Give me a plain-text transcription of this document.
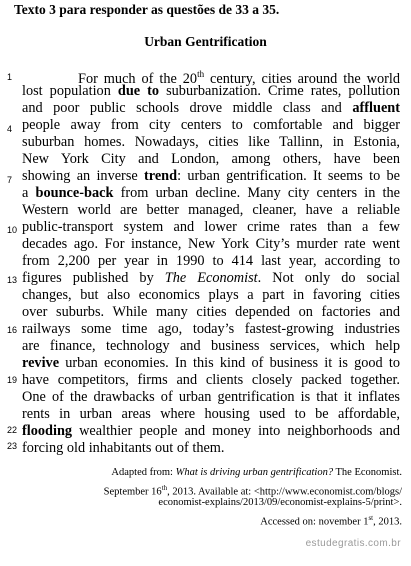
Texto 3 para responder as questões de 33 a 35.
Urban Gentrification
1
4
7
10
13
16
19
22
23
For much of the 20th century, cities around the world
lost population due to suburbanization. Crime rates, pollution
and poor public schools drove middle class and affluent
people away from city centers to comfortable and bigger
suburban homes. Nowadays, cities like Tallinn, in Estonia,
New York City and London, among others, have been
showing an inverse trend: urban gentrification. It seems to be
a bounce-back from urban decline. Many city centers in the
Western world are better managed, cleaner, have a reliable
public-transport system and lower crime rates than a few
decades ago. For instance, New York City’s murder rate went
from 2,200 per year in 1990 to 414 last year, according to
figures published by The Economist. Not only do social
changes, but also economics plays a part in favoring cities
over suburbs. While many cities depended on factories and
railways some time ago, today’s fastest-growing industries
are finance, technology and business services, which help
revive urban economies. In this kind of business it is good to
have competitors, firms and clients closely packed together.
One of the drawbacks of urban gentrification is that it inflates
rents in urban areas where housing used to be affordable,
flooding wealthier people and money into neighborhoods and
forcing old inhabitants out of them.
Adapted from: What is driving urban gentrification? The Economist.
September 16th, 2013. Available at: <http://www.economist.com/blogs/
economist-explains/2013/09/economist-explains-5/print>.
Accessed on: november 1st, 2013.
estudegratis.com.br
